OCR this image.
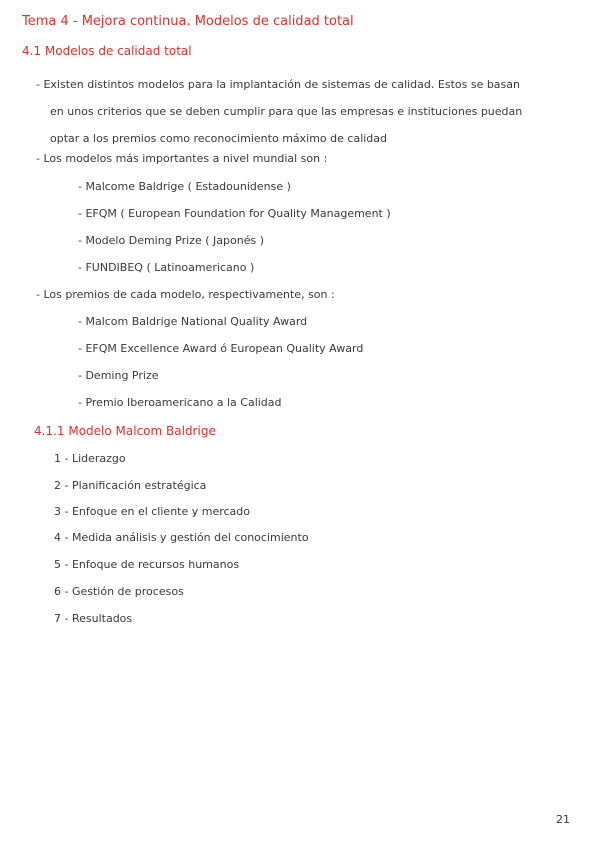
Tema 4 - Mejora continua. Modelos de calidad total
4.1 Modelos de calidad total
- Existen distintos modelos para la implantación de sistemas de calidad. Estos se basan
en unos criterios que se deben cumplir para que las empresas e instituciones puedan
optar a los premios como reconocimiento máximo de calidad
- Los modelos más importantes a nivel mundial son :
- Malcome Baldrige ( Estadounidense )
- EFQM ( European Foundation for Quality Management )
- Modelo Deming Prize ( Japonés )
- FUNDIBEQ ( Latinoamericano )
- Los premios de cada modelo, respectivamente, son :
- Malcom Baldrige National Quality Award
- EFQM Excellence Award ó European Quality Award
- Deming Prize
- Premio Iberoamericano a la Calidad
4.1.1 Modelo Malcom Baldrige
1 - Liderazgo
2 - Planificación estratégica
3 - Enfoque en el cliente y mercado
4 - Medida análisis y gestión del conocimiento
5 - Enfoque de recursos humanos
6 - Gestión de procesos
7 - Resultados
21
